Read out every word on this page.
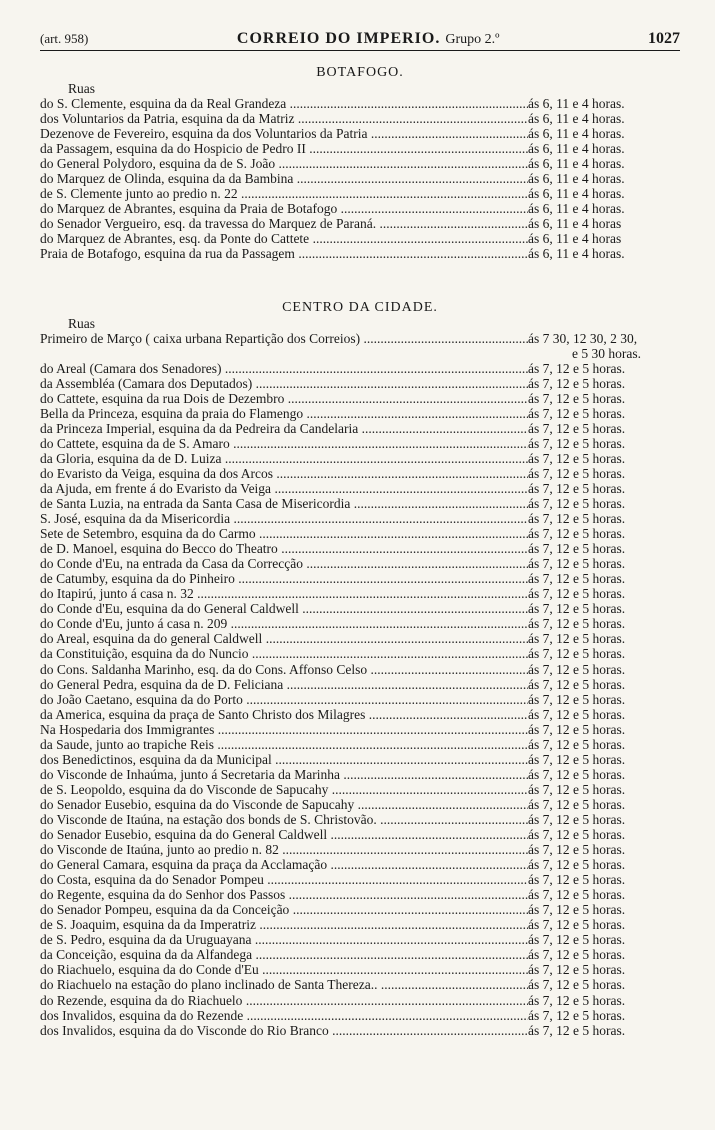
(art. 958)	CORREIO DO IMPERIO. Grupo 2.º	1027
BOTAFOGO.
Ruas
do S. Clemente, esquina da da Real Grandeza .....	ás 6, 11 e 4 horas.
dos Voluntarios da Patria, esquina da da Matriz .....	ás 6, 11 e 4 horas.
Dezenove de Fevereiro, esquina da dos Voluntarios da Patria .....	ás 6, 11 e 4 horas.
da Passagem, esquina da do Hospicio de Pedro II .....	ás 6, 11 e 4 horas.
do General Polydoro, esquina da de S. João .....	ás 6, 11 e 4 horas.
do Marquez de Olinda, esquina da da Bambina .....	ás 6, 11 e 4 horas.
de S. Clemente junto ao predio n. 22 .....	ás 6, 11 e 4 horas.
do Marquez de Abrantes, esquina da Praia de Botafogo .....	ás 6, 11 e 4 horas.
do Senador Vergueiro, esq. da travessa do Marquez de Paraná. .....	ás 6, 11 e 4 horas
do Marquez de Abrantes, esq. da Ponte do Cattete .....	ás 6, 11 e 4 horas
Praia de Botafogo, esquina da rua da Passagem .....	ás 6, 11 e 4 horas.
CENTRO DA CIDADE.
Ruas
Primeiro de Março ( caixa urbana Repartição dos Correios) .....	ás 7 30, 12 30, 2 30,
e 5 30 horas.
do Areal (Camara dos Senadores) .....	ás 7, 12 e 5 horas.
da Assembléa (Camara dos Deputados) .....	ás 7, 12 e 5 horas.
do Cattete, esquina da rua Dois de Dezembro .....	ás 7, 12 e 5 horas.
Bella da Princeza, esquina da praia do Flamengo .....	ás 7, 12 e 5 horas.
da Princeza Imperial, esquina da da Pedreira da Candelaria .....	ás 7, 12 e 5 horas.
do Cattete, esquina da de S. Amaro .....	ás 7, 12 e 5 horas.
da Gloria, esquina da de D. Luiza .....	ás 7, 12 e 5 horas.
do Evaristo da Veiga, esquina da dos Arcos .....	ás 7, 12 e 5 horas.
da Ajuda, em frente á do Evaristo da Veiga .....	ás 7, 12 e 5 horas.
de Santa Luzia, na entrada da Santa Casa de Misericordia .....	ás 7, 12 e 5 horas.
S. José, esquina da da Misericordia .....	ás 7, 12 e 5 horas.
Sete de Setembro, esquina da do Carmo .....	ás 7, 12 e 5 horas.
de D. Manoel, esquina do Becco do Theatro .....	ás 7, 12 e 5 horas.
do Conde d'Eu, na entrada da Casa da Correcção .....	ás 7, 12 e 5 horas.
de Catumby, esquina da do Pinheiro .....	ás 7, 12 e 5 horas.
do Itapirú, junto á casa n. 32 .....	ás 7, 12 e 5 horas.
do Conde d'Eu, esquina da do General Caldwell .....	ás 7, 12 e 5 horas.
do Conde d'Eu, junto á casa n. 209 .....	ás 7, 12 e 5 horas.
do Areal, esquina da do general Caldwell .....	ás 7, 12 e 5 horas.
da Constituição, esquina da do Nuncio .....	ás 7, 12 e 5 horas.
do Cons. Saldanha Marinho, esq. da do Cons. Affonso Celso .....	ás 7, 12 e 5 horas.
do General Pedra, esquina da de D. Feliciana .....	ás 7, 12 e 5 horas.
do João Caetano, esquina da do Porto .....	ás 7, 12 e 5 horas.
da America, esquina da praça de Santo Christo dos Milagres .....	ás 7, 12 e 5 horas.
Na Hospedaria dos Immigrantes .....	ás 7, 12 e 5 horas.
da Saude, junto ao trapiche Reis .....	ás 7, 12 e 5 horas.
dos Benedictinos, esquina da da Municipal .....	ás 7, 12 e 5 horas.
do Visconde de Inhaúma, junto á Secretaria da Marinha .....	ás 7, 12 e 5 horas.
de S. Leopoldo, esquina da do Visconde de Sapucahy .....	ás 7, 12 e 5 horas.
do Senador Eusebio, esquina da do Visconde de Sapucahy .....	ás 7, 12 e 5 horas.
do Visconde de Itaúna, na estação dos bonds de S. Christovão. .....	ás 7, 12 e 5 horas.
do Senador Eusebio, esquina da do General Caldwell .....	ás 7, 12 e 5 horas.
do Visconde de Itaúna, junto ao predio n. 82 .....	ás 7, 12 e 5 horas.
do General Camara, esquina da praça da Acclamação .....	ás 7, 12 e 5 horas.
do Costa, esquina da do Senador Pompeu .....	ás 7, 12 e 5 horas.
do Regente, esquina da do Senhor dos Passos .....	ás 7, 12 e 5 horas.
do Senador Pompeu, esquina da da Conceição .....	ás 7, 12 e 5 horas.
de S. Joaquim, esquina da da Imperatriz .....	ás 7, 12 e 5 horas.
de S. Pedro, esquina da da Uruguayana .....	ás 7, 12 e 5 horas.
da Conceição, esquina da da Alfandega .....	ás 7, 12 e 5 horas.
do Riachuelo, esquina da do Conde d'Eu .....	ás 7, 12 e 5 horas.
do Riachuelo na estação do plano inclinado de Santa Thereza.. .....	ás 7, 12 e 5 horas.
do Rezende, esquina da do Riachuelo .....	ás 7, 12 e 5 horas.
dos Invalidos, esquina da do Rezende .....	ás 7, 12 e 5 horas.
dos Invalidos, esquina da do Visconde do Rio Branco .....	ás 7, 12 e 5 horas.
